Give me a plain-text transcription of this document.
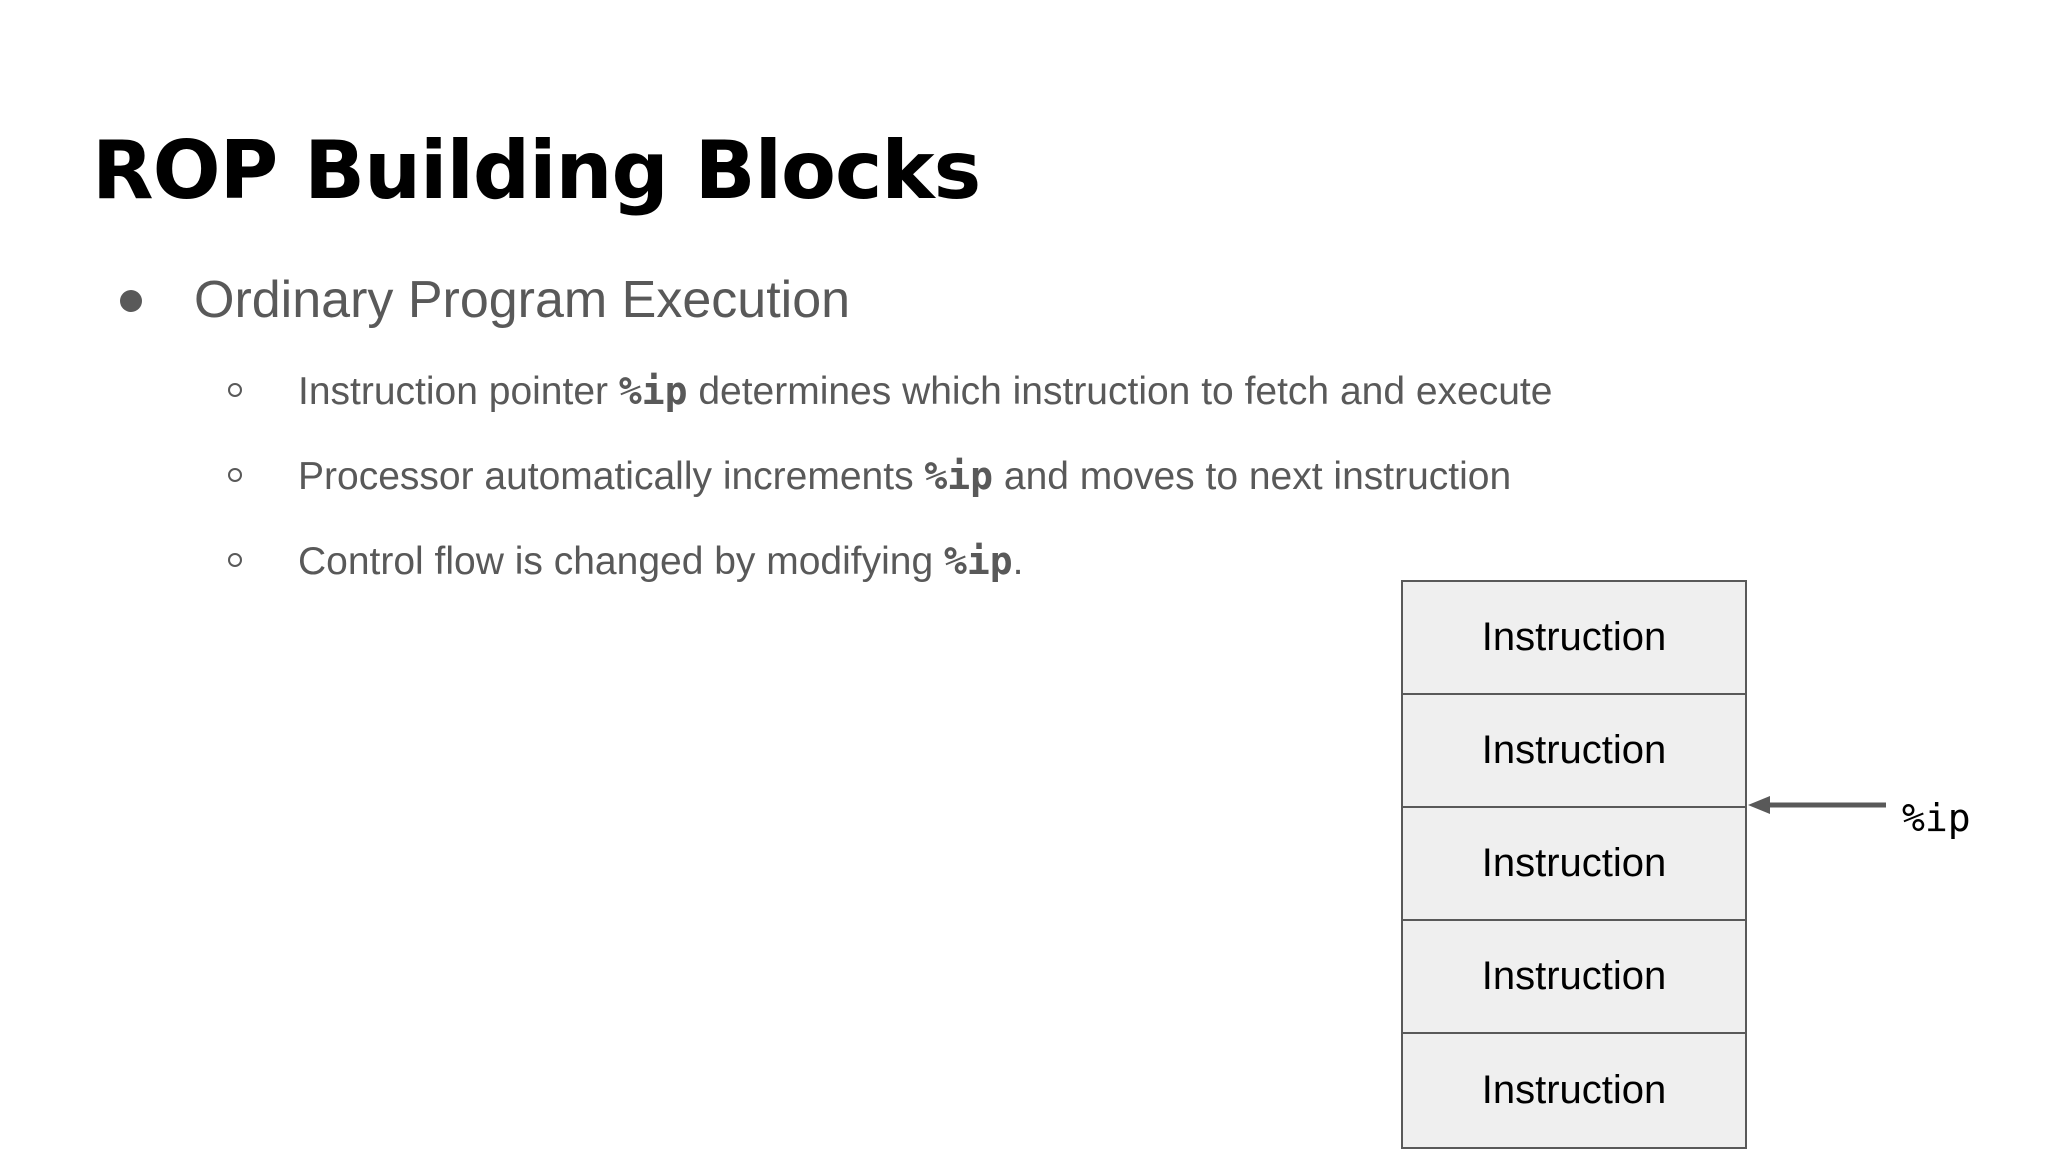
ROP Building Blocks
Ordinary Program Execution
Instruction pointer %ip determines which instruction to fetch and execute
Processor automatically increments %ip and moves to next instruction
Control flow is changed by modifying %ip.
Instruction
Instruction
Instruction
Instruction
Instruction
%ip
